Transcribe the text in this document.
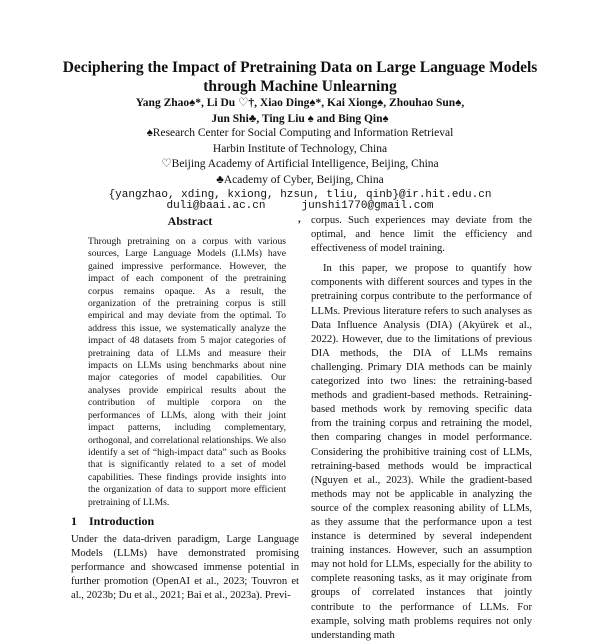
Deciphering the Impact of Pretraining Data on Large Language Models through Machine Unlearning
Yang Zhao♠*, Li Du ♡†, Xiao Ding♠*, Kai Xiong♠, Zhouhao Sun♠,
Jun Shi♣, Ting Liu ♠ and Bing Qin♠
♠Research Center for Social Computing and Information Retrieval
Harbin Institute of Technology, China
♡Beijing Academy of Artificial Intelligence, Beijing, China
♣Academy of Cyber, Beijing, China
{yangzhao, xding, kxiong, hzsun, tliu, qinb}@ir.hit.edu.cn
duli@baai.ac.cn	junshi1770@gmail.com
Abstract

Through pretraining on a corpus with various sources, Large Language Models (LLMs) have gained impressive performance. However, the impact of each component of the pretraining corpus remains opaque. As a result, the organization of the pretraining corpus is still empirical and may deviate from the optimal. To address this issue, we systematically analyze the impact of 48 datasets from 5 major categories of pretraining data of LLMs and measure their impacts on LLMs using benchmarks about nine major categories of model capabilities. Our analyses provide empirical results about the contribution of multiple corpora on the performances of LLMs, along with their joint impact patterns, including complementary, orthogonal, and correlational relationships. We also identify a set of “high-impact data” such as Books that is significantly related to a set of model capabilities. These findings provide insights into the organization of data to support more efficient pretraining of LLMs.

1 Introduction

Under the data-driven paradigm, Large Language Models (LLMs) have demonstrated promising performance and showcased immense potential in further promotion (OpenAI et al., 2023; Touvron et al., 2023b; Du et al., 2021; Bai et al., 2023a). Previ-

, corpus. Such experiences may deviate from the optimal, and hence limit the efficiency and effectiveness of model training.

In this paper, we propose to quantify how components with different sources and types in the pretraining corpus contribute to the performance of LLMs. Previous literature refers to such analyses as Data Influence Analysis (DIA) (Akyürek et al., 2022). However, due to the limitations of previous DIA methods, the DIA of LLMs remains challenging. Primary DIA methods can be mainly categorized into two lines: the retraining-based methods and gradient-based methods. Retraining-based methods work by removing specific data from the training corpus and retraining the model, then comparing changes in model performance. Considering the prohibitive training cost of LLMs, retraining-based methods would be impractical (Nguyen et al., 2023). While the gradient-based methods may not be applicable in analyzing the source of the complex reasoning ability of LLMs, as they assume that the performance upon a test instance is determined by several independent training instances. However, such an assumption may not hold for LLMs, especially for the ability to complete reasoning tasks, as it may originate from groups of correlated instances that jointly contribute to the performance of LLMs. For example, solving math problems requires not only understanding math
